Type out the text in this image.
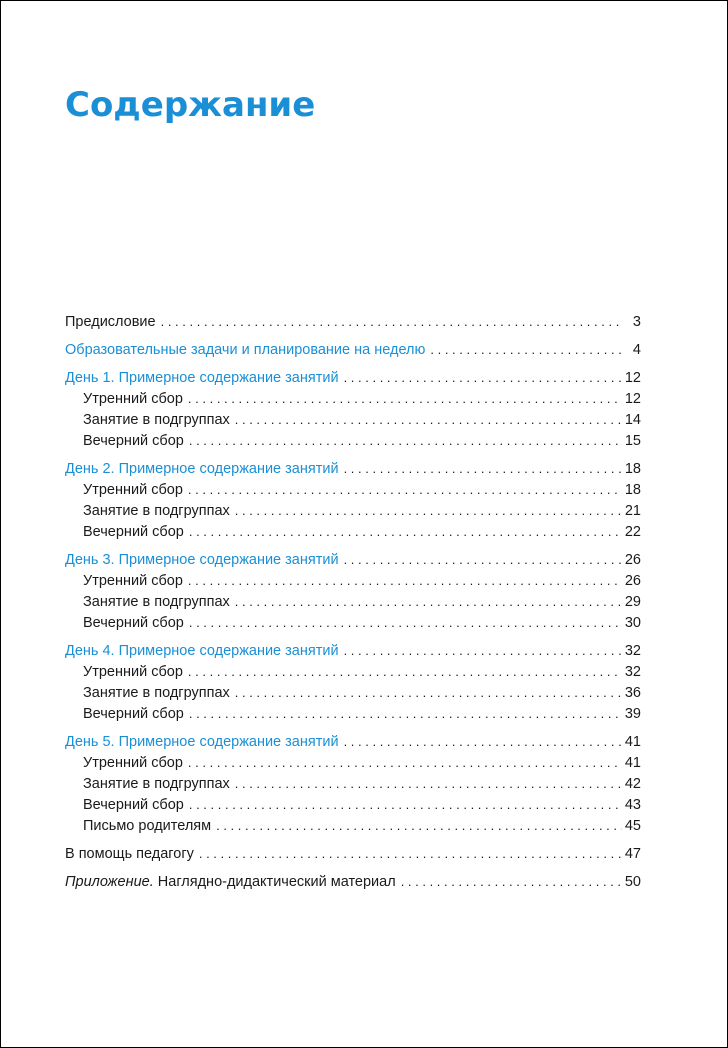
Содержание
Предисловие . . .	3
Образовательные задачи и планирование на неделю . . .	4
День 1. Примерное содержание занятий . . .	12
Утренний сбор . . .	12
Занятие в подгруппах . . .	14
Вечерний сбор . . .	15
День 2. Примерное содержание занятий . . .	18
Утренний сбор . . .	18
Занятие в подгруппах . . .	21
Вечерний сбор . . .	22
День 3. Примерное содержание занятий . . .	26
Утренний сбор . . .	26
Занятие в подгруппах . . .	29
Вечерний сбор . . .	30
День 4. Примерное содержание занятий . . .	32
Утренний сбор . . .	32
Занятие в подгруппах . . .	36
Вечерний сбор . . .	39
День 5. Примерное содержание занятий . . .	41
Утренний сбор . . .	41
Занятие в подгруппах . . .	42
Вечерний сбор . . .	43
Письмо родителям . . .	45
В помощь педагогу . . .	47
Приложение. Наглядно-дидактический материал . . .	50
